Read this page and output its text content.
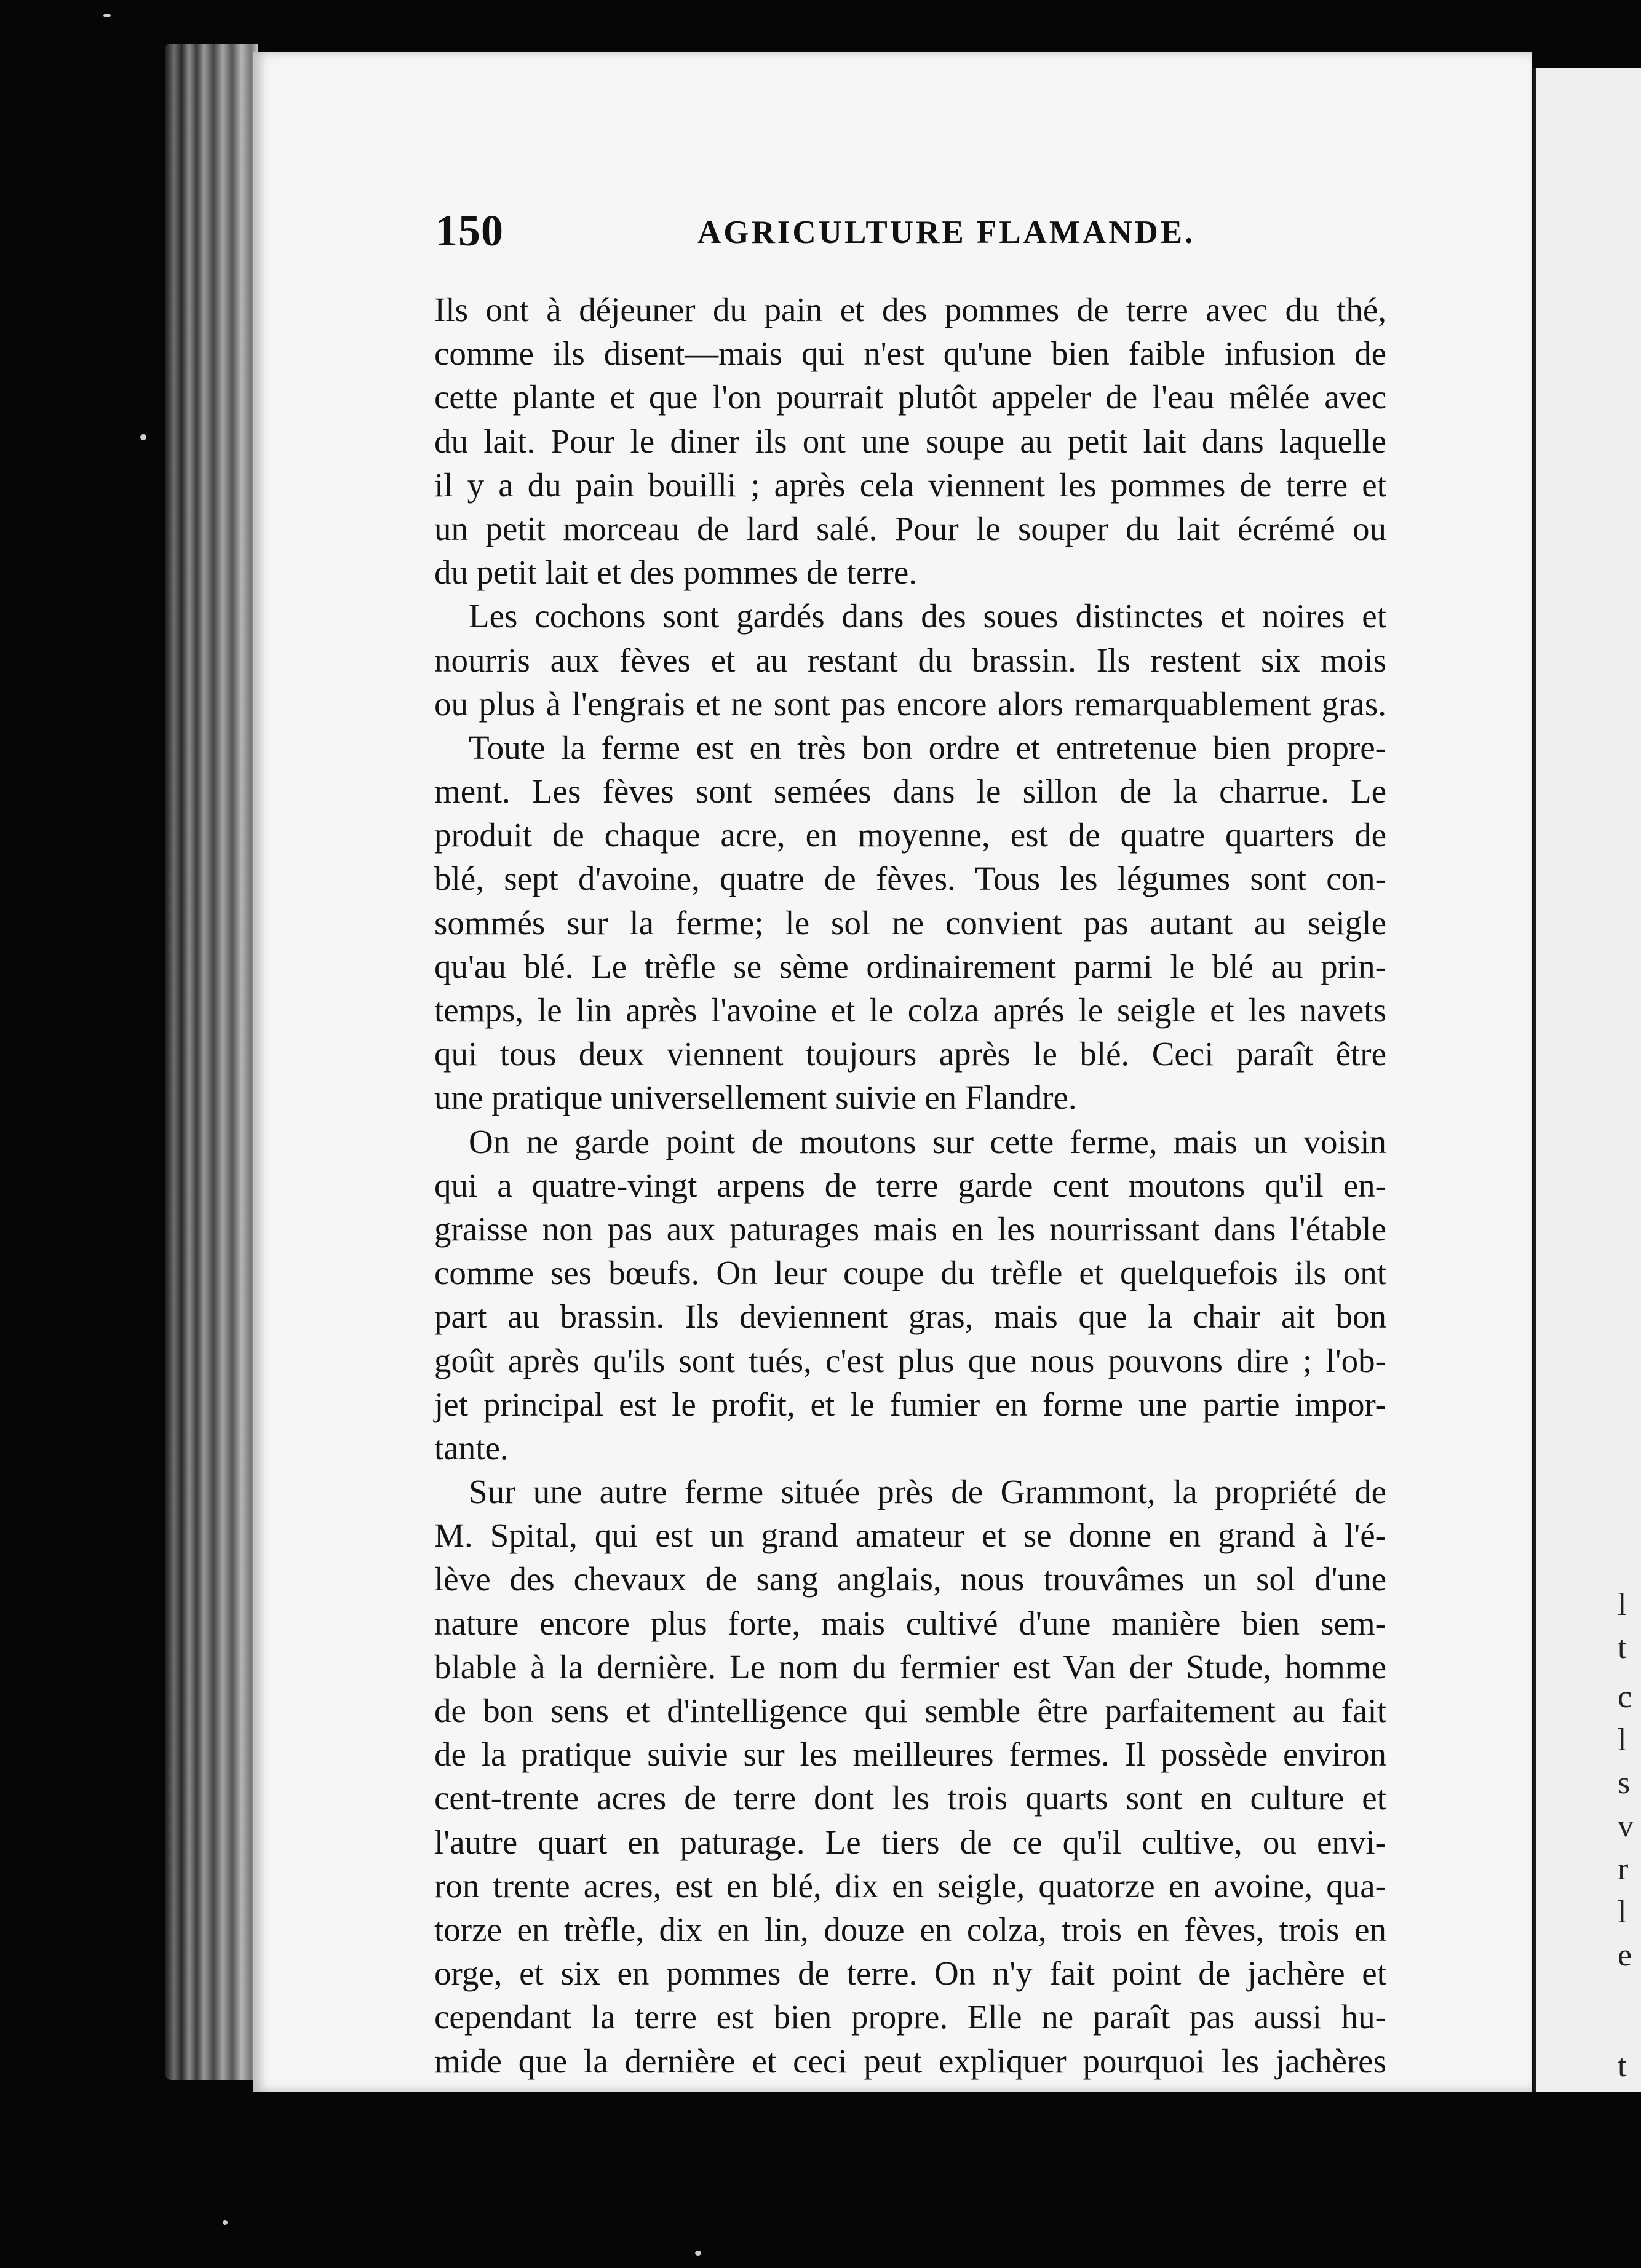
l
t
c
l
s
v
r
l
e
t
150	AGRICULTURE FLAMANDE.
Ils ont à déjeuner du pain et des pommes de terre avec du thé,
comme ils disent—mais qui n'est qu'une bien faible infusion de
cette plante et que l'on pourrait plutôt appeler de l'eau mêlée avec
du lait. Pour le diner ils ont une soupe au petit lait dans laquelle
il y a du pain bouilli ; après cela viennent les pommes de terre et
un petit morceau de lard salé. Pour le souper du lait écrémé ou
du petit lait et des pommes de terre.
Les cochons sont gardés dans des soues distinctes et noires et
nourris aux fèves et au restant du brassin. Ils restent six mois
ou plus à l'engrais et ne sont pas encore alors remarquablement gras.
Toute la ferme est en très bon ordre et entretenue bien propre-
ment. Les fèves sont semées dans le sillon de la charrue. Le
produit de chaque acre, en moyenne, est de quatre quarters de
blé, sept d'avoine, quatre de fèves. Tous les légumes sont con-
sommés sur la ferme; le sol ne convient pas autant au seigle
qu'au blé. Le trèfle se sème ordinairement parmi le blé au prin-
temps, le lin après l'avoine et le colza aprés le seigle et les navets
qui tous deux viennent toujours après le blé. Ceci paraît être
une pratique universellement suivie en Flandre.
On ne garde point de moutons sur cette ferme, mais un voisin
qui a quatre-vingt arpens de terre garde cent moutons qu'il en-
graisse non pas aux paturages mais en les nourrissant dans l'étable
comme ses bœufs. On leur coupe du trèfle et quelquefois ils ont
part au brassin. Ils deviennent gras, mais que la chair ait bon
goût après qu'ils sont tués, c'est plus que nous pouvons dire ; l'ob-
jet principal est le profit, et le fumier en forme une partie impor-
tante.
Sur une autre ferme située près de Grammont, la propriété de
M. Spital, qui est un grand amateur et se donne en grand à l'é-
lève des chevaux de sang anglais, nous trouvâmes un sol d'une
nature encore plus forte, mais cultivé d'une manière bien sem-
blable à la dernière. Le nom du fermier est Van der Stude, homme
de bon sens et d'intelligence qui semble être parfaitement au fait
de la pratique suivie sur les meilleures fermes. Il possède environ
cent-trente acres de terre dont les trois quarts sont en culture et
l'autre quart en paturage. Le tiers de ce qu'il cultive, ou envi-
ron trente acres, est en blé, dix en seigle, quatorze en avoine, qua-
torze en trèfle, dix en lin, douze en colza, trois en fèves, trois en
orge, et six en pommes de terre. On n'y fait point de jachère et
cependant la terre est bien propre. Elle ne paraît pas aussi hu-
mide que la dernière et ceci peut expliquer pourquoi les jachères
